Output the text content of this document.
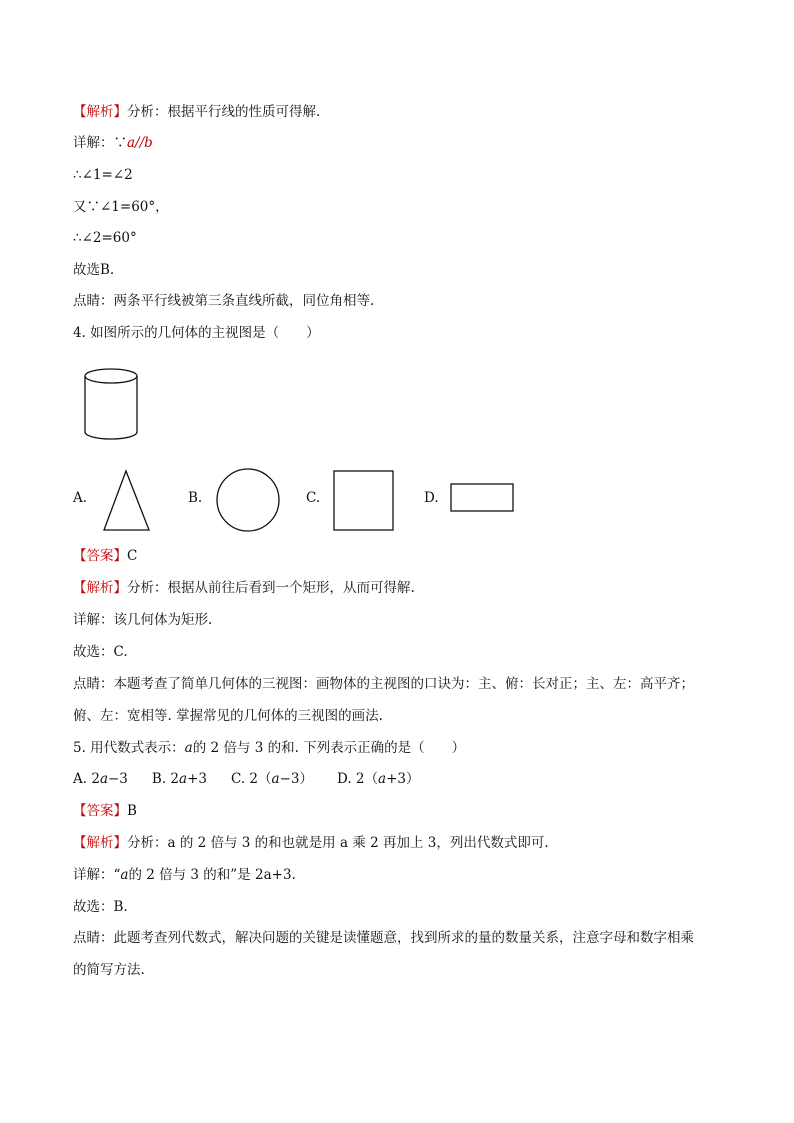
【解析】分析：根据平行线的性质可得解.
详解：∵a//b
∴∠1=∠2
又∵∠1=60°，
∴∠2=60°
故选B.
点睛：两条平行线被第三条直线所截，同位角相等.
4. 如图所示的几何体的主视图是（　　）
A.	B.	C.	D.
【答案】C
【解析】分析：根据从前往后看到一个矩形，从而可得解.
详解：该几何体为矩形.
故选：C.
点睛：本题考查了简单几何体的三视图：画物体的主视图的口诀为：主、俯：长对正；主、左：高平齐；
俯、左：宽相等. 掌握常见的几何体的三视图的画法.
5. 用代数式表示：a的 2 倍与 3 的和. 下列表示正确的是（　　）
A. 2a−3 B. 2a+3 C. 2（a−3） D. 2（a+3）
【答案】B
【解析】分析：a 的 2 倍与 3 的和也就是用 a 乘 2 再加上 3，列出代数式即可.
详解：“a的 2 倍与 3 的和”是 2a+3.
故选：B.
点睛：此题考查列代数式，解决问题的关键是读懂题意，找到所求的量的数量关系，注意字母和数字相乘
的简写方法.
